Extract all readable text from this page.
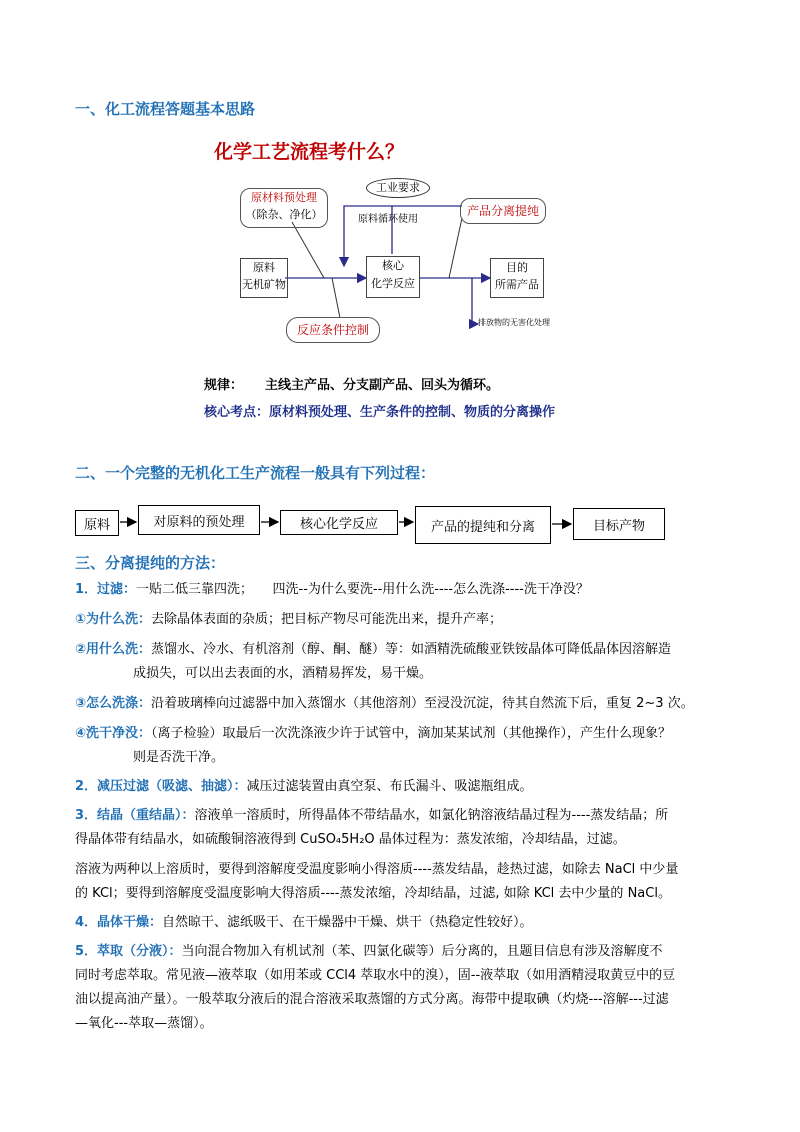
一、化工流程答题基本思路
化学工艺流程考什么？
原材料预处理
（除杂、净化）
工业要求
原料循环使用
产品分离提纯
原料
无机矿物
核心
化学反应
目的
所需产品
排放物的无害化处理
反应条件控制
规律： 主线主产品、分支副产品、回头为循环。
核心考点：原材料预处理、生产条件的控制、物质的分离操作
二、一个完整的无机化工生产流程一般具有下列过程：
原料	对原料的预处理	核心化学反应	产品的提纯和分离	目标产物
三、分离提纯的方法：
1．过滤：一贴二低三靠四洗；　　四洗--为什么要洗--用什么洗----怎么洗涤----洗干净没？
①为什么洗：去除晶体表面的杂质；把目标产物尽可能洗出来，提升产率；
②用什么洗：蒸馏水、冷水、有机溶剂（醇、酮、醚）等：如酒精洗硫酸亚铁铵晶体可降低晶体因溶解造
成损失，可以出去表面的水，酒精易挥发，易干燥。
③怎么洗涤：沿着玻璃棒向过滤器中加入蒸馏水（其他溶剂）至浸没沉淀，待其自然流下后，重复 2~3 次。
④洗干净没：（离子检验）取最后一次洗涤液少许于试管中，滴加某某试剂（其他操作），产生什么现象？
则是否洗干净。
2．减压过滤（吸滤、抽滤）：减压过滤装置由真空泵、布氏漏斗、吸滤瓶组成。
3．结晶（重结晶）：溶液单一溶质时，所得晶体不带结晶水，如氯化钠溶液结晶过程为----蒸发结晶；所
得晶体带有结晶水，如硫酸铜溶液得到 CuSO₄5H₂O 晶体过程为：蒸发浓缩，冷却结晶，过滤。
溶液为两种以上溶质时，要得到溶解度受温度影响小得溶质----蒸发结晶，趁热过滤，如除去 NaCl 中少量
的 KCl；要得到溶解度受温度影响大得溶质----蒸发浓缩，冷却结晶，过滤, 如除 KCl 去中少量的 NaCl。
4．晶体干燥：自然晾干、滤纸吸干、在干燥器中干燥、烘干（热稳定性较好）。
5．萃取（分液）：当向混合物加入有机试剂（苯、四氯化碳等）后分离的，且题目信息有涉及溶解度不
同时考虑萃取。常见液—液萃取（如用苯或 CCl4 萃取水中的溴），固--液萃取（如用酒精浸取黄豆中的豆
油以提高油产量）。一般萃取分液后的混合溶液采取蒸馏的方式分离。海带中提取碘（灼烧---溶解---过滤
—氧化---萃取—蒸馏）。
